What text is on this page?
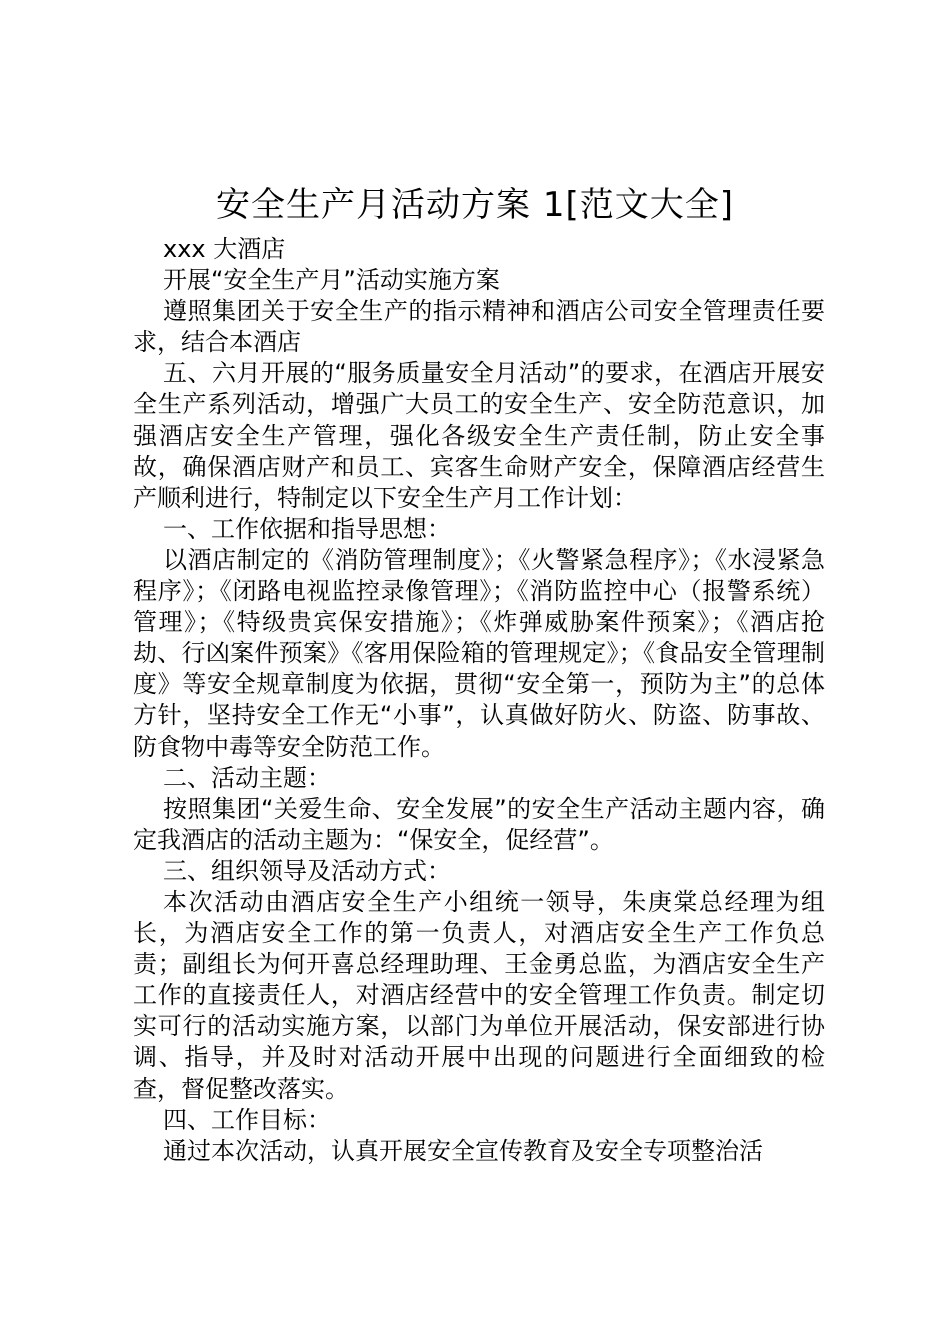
安全生产月活动方案 1[范文大全]

xxx 大酒店

开展“安全生产月”活动实施方案

遵照集团关于安全生产的指示精神和酒店公司安全管理责任要求，结合本酒店

五、六月开展的“服务质量安全月活动”的要求，在酒店开展安全生产系列活动，增强广大员工的安全生产、安全防范意识，加强酒店安全生产管理，强化各级安全生产责任制，防止安全事故，确保酒店财产和员工、宾客生命财产安全，保障酒店经营生产顺利进行，特制定以下安全生产月工作计划：

一、工作依据和指导思想：

以酒店制定的《消防管理制度》；《火警紧急程序》；《水浸紧急程序》；《闭路电视监控录像管理》；《消防监控中心（报警系统）管理》；《特级贵宾保安措施》；《炸弹威胁案件预案》；《酒店抢劫、行凶案件预案》《客用保险箱的管理规定》；《食品安全管理制度》等安全规章制度为依据，贯彻“安全第一，预防为主”的总体方针，坚持安全工作无“小事”，认真做好防火、防盗、防事故、防食物中毒等安全防范工作。

二、活动主题：

按照集团“关爱生命、安全发展”的安全生产活动主题内容，确定我酒店的活动主题为：“保安全，促经营”。

三、组织领导及活动方式：

本次活动由酒店安全生产小组统一领导，朱庚棠总经理为组长，为酒店安全工作的第一负责人，对酒店安全生产工作负总责；副组长为何开喜总经理助理、王金勇总监，为酒店安全生产工作的直接责任人，对酒店经营中的安全管理工作负责。制定切实可行的活动实施方案，以部门为单位开展活动，保安部进行协调、指导，并及时对活动开展中出现的问题进行全面细致的检查，督促整改落实。

四、工作目标：

通过本次活动，认真开展安全宣传教育及安全专项整治活
